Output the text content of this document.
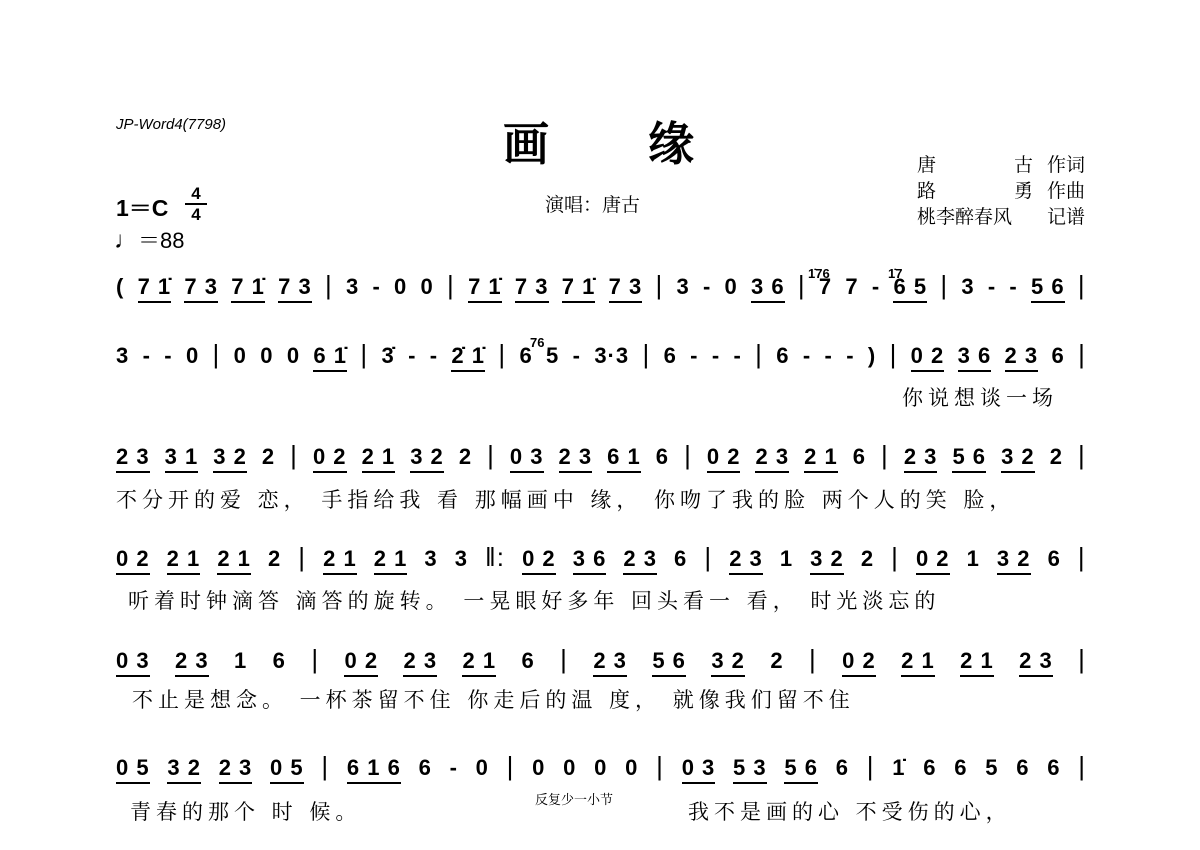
JP-Word4(7798)	画 缘
演唱：唐古
唐	古 作词
路	勇 作曲
桃李醉春风 记谱
1＝C
4
4
♩＝88
( 7 1̇ 7 3 7 1̇ 7 3 | 3 - 0 0 | 7 1̇ 7 3 7 1̇ 7 3 | 3 - 0 3 6 | 7 7 - 6 5 | 3 - - 5 6 |
1̇76	1̇7
3 - - 0 | 0 0 0 6 1̇ | 3̇ - - 2̇ 1̇ | 6 5 - 3·3 | 6 - - - | 6 - - - ) | 0 2 3 6 2 3 6 |
76
你说想谈一场
2 3 3 1 3 2 2 | 0 2 2 1 3 2 2 | 0 3 2 3 6 1 6 | 0 2 2 3 2 1 6 | 2 3 5 6 3 2 2 |
不分开的爱 恋， 手指给我 看 那幅画中 缘， 你吻了我的脸 两个人的笑 脸，
0 2 2 1 2 1 2 | 2 1 2 1 3 3 ‖: 0 2 3 6 2 3 6 | 2 3 1 3 2 2 | 0 2 1 3 2 6 |
听着时钟滴答 滴答的旋转。 一晃眼好多年 回头看一 看， 时光淡忘的
0 3 2 3 1 6 | 0 2 2 3 2 1 6 | 2 3 5 6 3 2 2 | 0 2 2 1 2 1 2 3 |
不止是想念。 一杯茶留不住 你走后的温 度， 就像我们留不住
0 5 3 2 2 3 0 5 | 6 1 6 6 - 0 | 0 0 0 0 | 0 3 5 3 5 6 6 | 1̇ 6 6 5 6 6 |
青春的那个 时 候。	反复少一小节	我不是画的心 不受伤的心，
